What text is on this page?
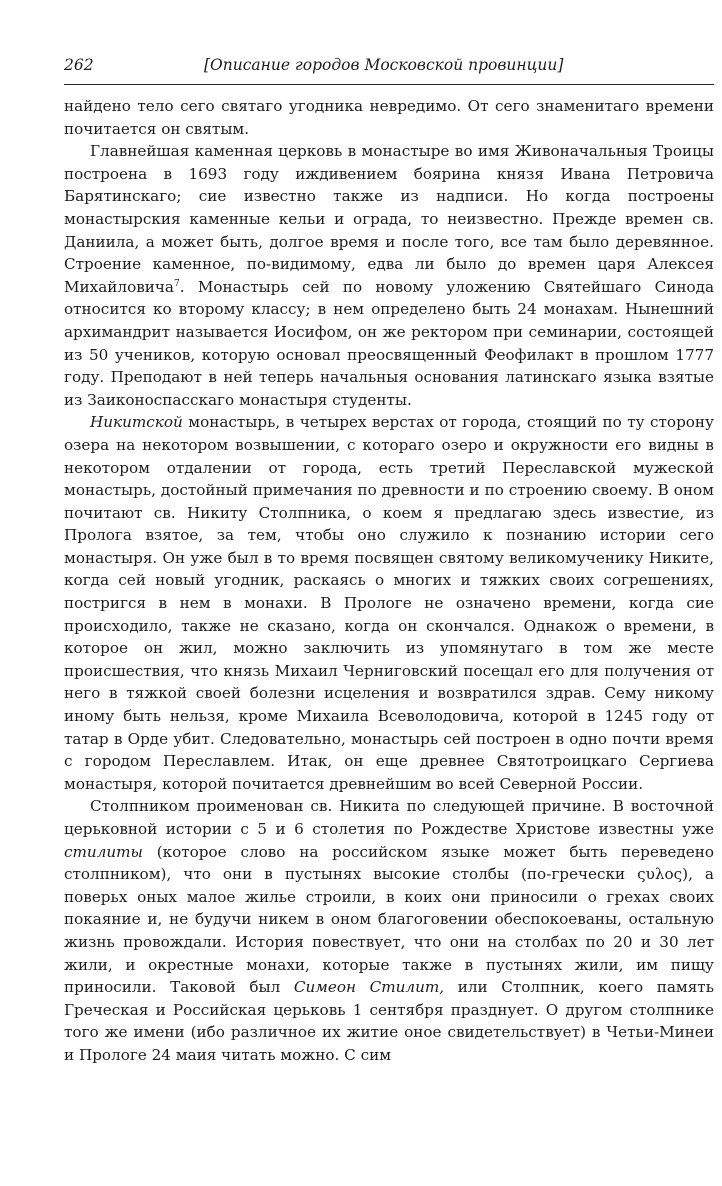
262	[Описание городов Московской провинции]

найдено тело сего святаго угодника невредимо. От сего знаменитаго времени почитается он святым.

Главнейшая каменная церковь в монастыре во имя Живоначальныя Троицы построена в 1693 году иждивением боярина князя Ивана Петровича Барятинскаго; сие известно также из надписи. Но когда построены монастырския каменные кельи и ограда, то неизвестно. Прежде времен св. Даниила, а может быть, долгое время и после того, все там было деревянное. Строение каменное, по-видимому, едва ли было до времен царя Алексея Михайловича$^7$. Монастырь сей по новому уложению Святейшаго Синода относится ко второму классу; в нем определено быть 24 монахам. Нынешний архимандрит называется Иосифом, он же ректором при семинарии, состоящей из 50 учеников, которую основал преосвященный Феофилакт в прошлом 1777 году. Преподают в ней теперь начальныя основания латинскаго языка взятые из Заиконоспасскаго монастыря студенты.

Никитской монастырь, в четырех верстах от города, стоящий по ту сторону озера на некотором возвышении, с котораго озеро и окружности его видны в некотором отдалении от города, есть третий Переславской мужеской монастырь, достойный примечания по древности и по строению своему. В оном почитают св. Никиту Столпника, о коем я предлагаю здесь известие, из Пролога взятое, за тем, чтобы оно служило к познанию истории сего монастыря. Он уже был в то время посвящен святому великомученику Никите, когда сей новый угодник, раскаясь о многих и тяжких своих согрешениях, постригся в нем в монахи. В Прологе не означено времени, когда сие происходило, также не сказано, когда он скончался. Однакож о времени, в которое он жил, можно заключить из упомянутаго в том же месте происшествия, что князь Михаил Черниговский посещал его для получения от него в тяжкой своей болезни исцеления и возвратился здрав. Сему никому иному быть нельзя, кроме Михаила Всеволодовича, которой в 1245 году от татар в Орде убит. Следовательно, монастырь сей построен в одно почти время с городом Переславлем. Итак, он еще древнее Святотроицкаго Сергиева монастыря, которой почитается древнейшим во всей Северной России.

Столпником проименован св. Никита по следующей причине. В восточной церьковной истории с 5 и 6 столетия по Рождестве Христове известны уже стилиты (которое слово на российском языке может быть переведено столпником), что они в пустынях высокие столбы (по-гречески ςυλος), а поверьх оных малое жилье строили, в коих они приносили о грехах своих покаяние и, не будучи никем в оном благоговении обеспокоеваны, остальную жизнь провождали. История повествует, что они на столбах по 20 и 30 лет жили, и окрестные монахи, которые также в пустынях жили, им пищу приносили. Таковой был Симеон Стилит, или Столпник, коего память Греческая и Российская церьковь 1 сентября празднует. О другом столпнике того же имени (ибо различное их житие оное свидетельствует) в Четьи-Минеи и Прологе 24 маия читать можно. С сим
